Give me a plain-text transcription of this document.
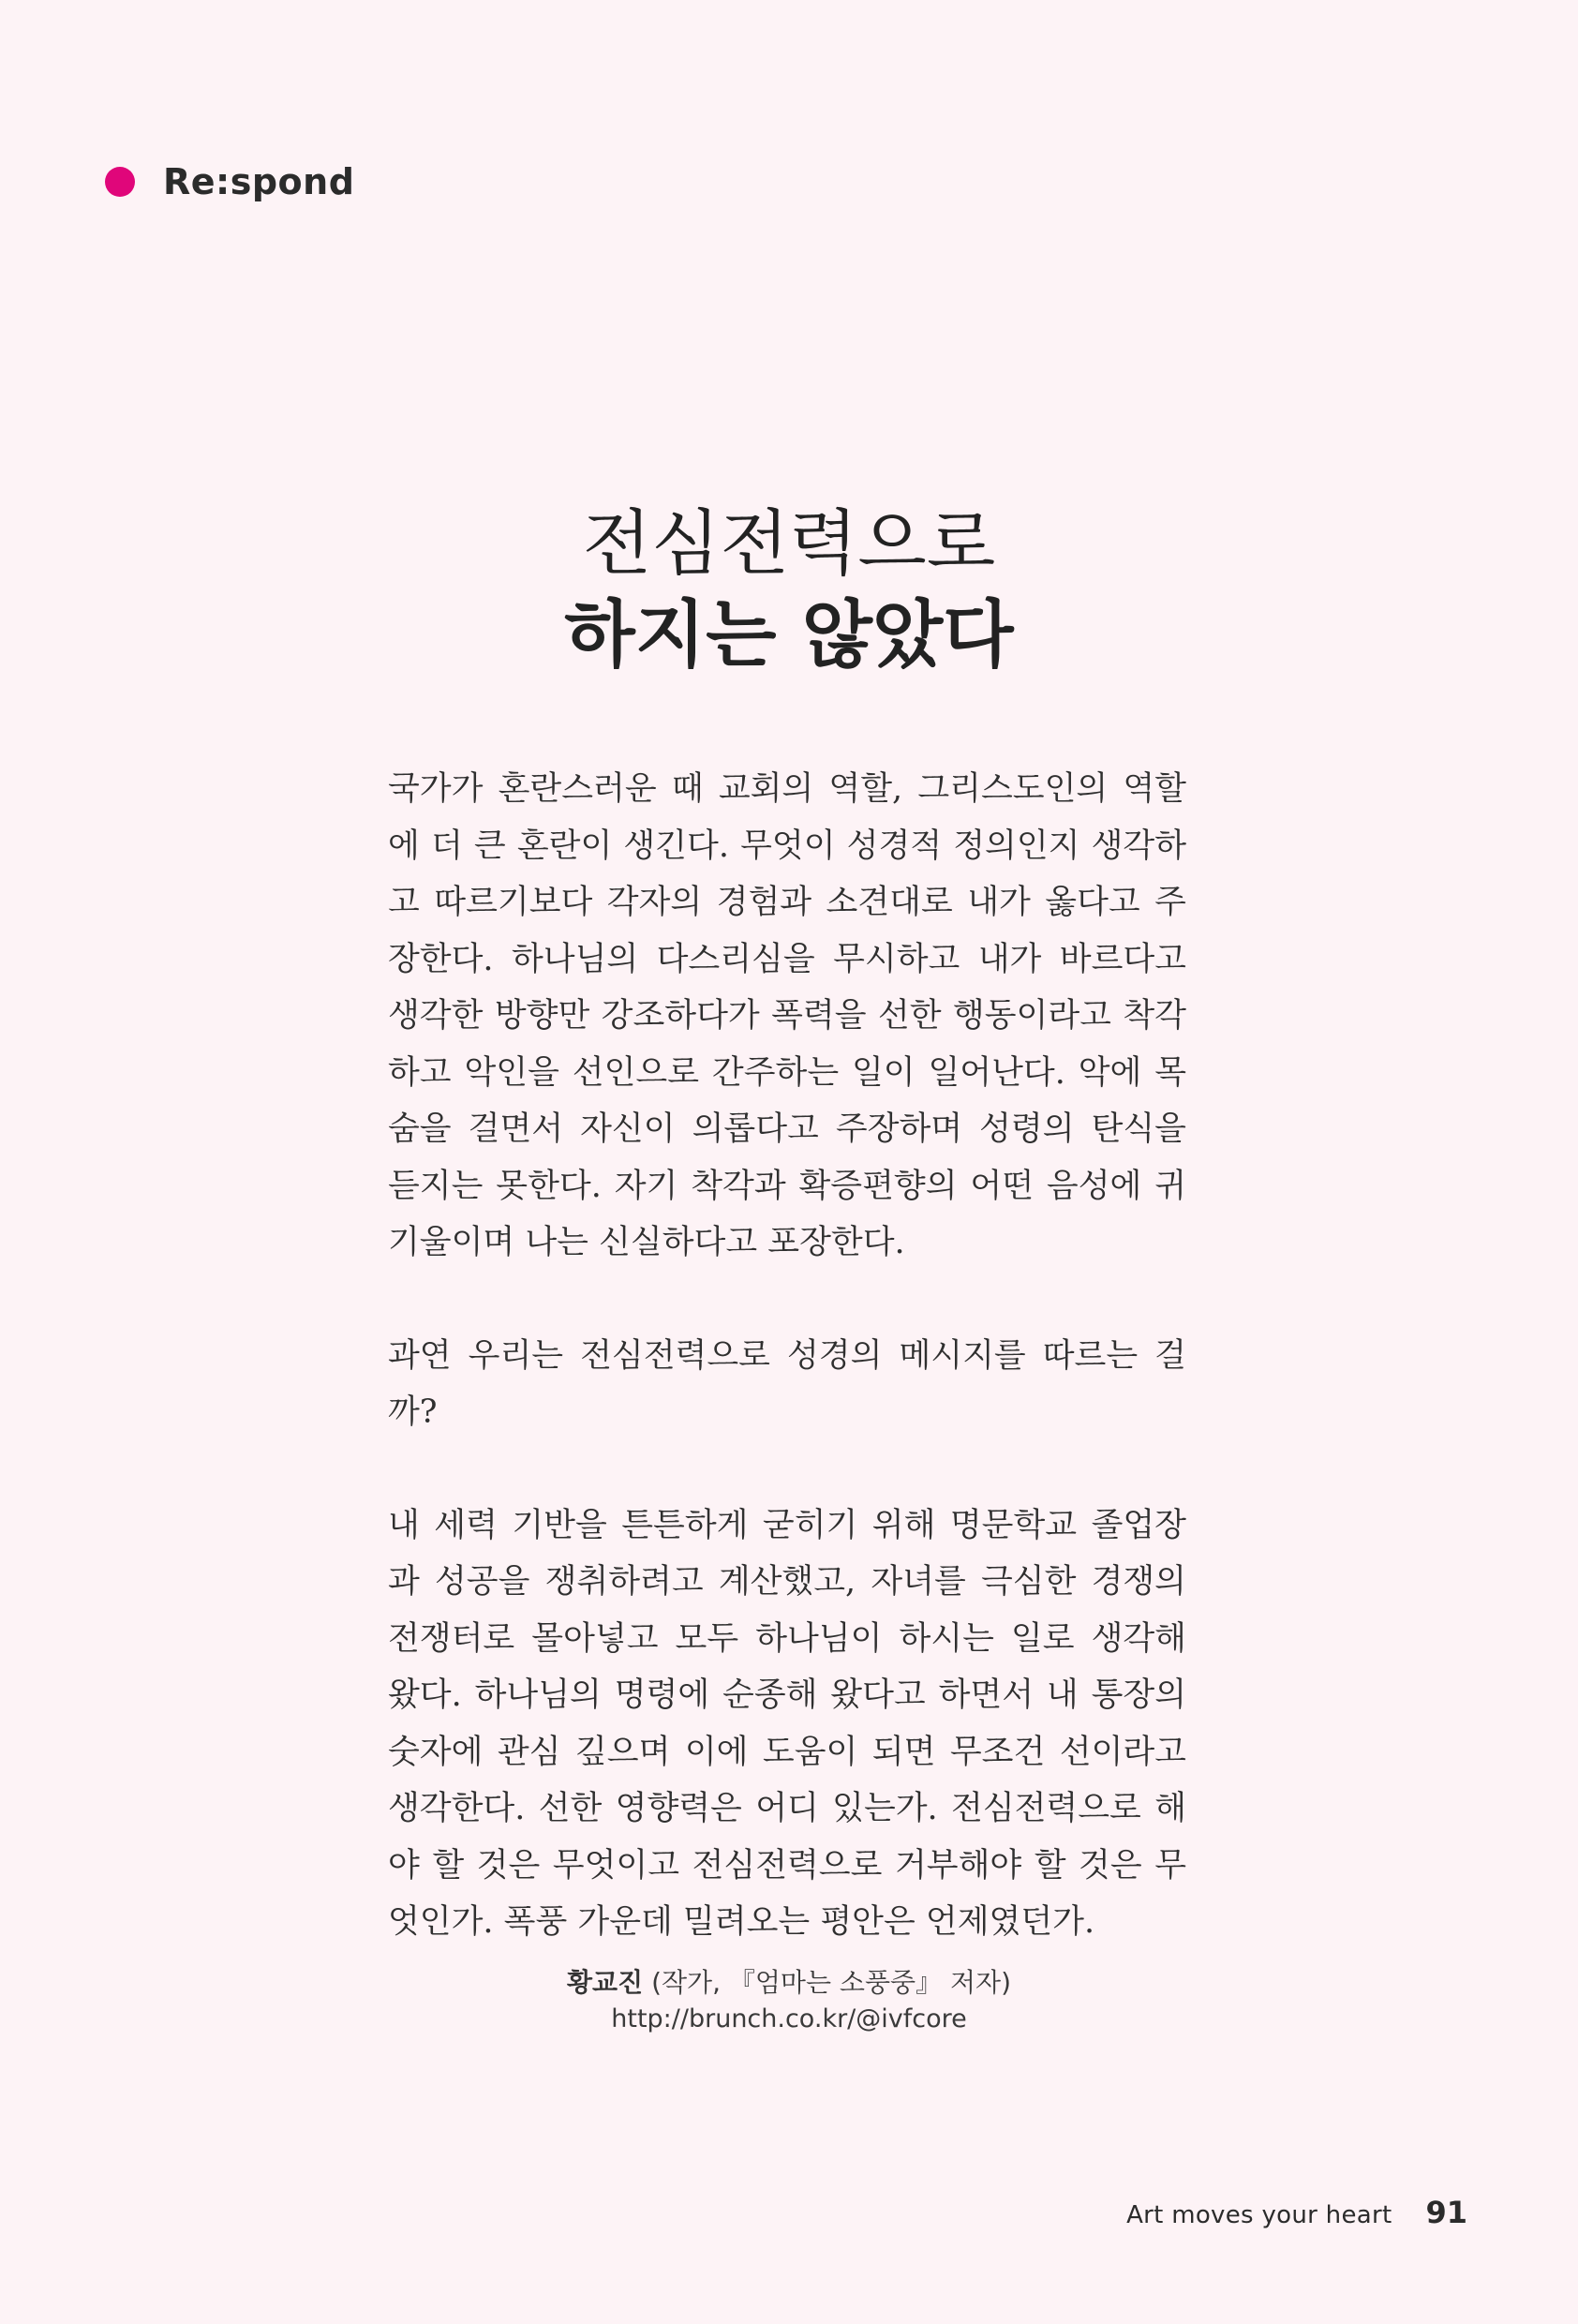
Re:spond
전심전력으로
하지는 않았다

국가가 혼란스러운 때 교회의 역할, 그리스도인의 역할에 더 큰 혼란이 생긴다. 무엇이 성경적 정의인지 생각하고 따르기보다 각자의 경험과 소견대로 내가 옳다고 주장한다. 하나님의 다스리심을 무시하고 내가 바르다고 생각한 방향만 강조하다가 폭력을 선한 행동이라고 착각하고 악인을 선인으로 간주하는 일이 일어난다. 악에 목숨을 걸면서 자신이 의롭다고 주장하며 성령의 탄식을 듣지는 못한다. 자기 착각과 확증편향의 어떤 음성에 귀 기울이며 나는 신실하다고 포장한다.

과연 우리는 전심전력으로 성경의 메시지를 따르는 걸까?

내 세력 기반을 튼튼하게 굳히기 위해 명문학교 졸업장과 성공을 쟁취하려고 계산했고, 자녀를 극심한 경쟁의 전쟁터로 몰아넣고 모두 하나님이 하시는 일로 생각해 왔다. 하나님의 명령에 순종해 왔다고 하면서 내 통장의 숫자에 관심 깊으며 이에 도움이 되면 무조건 선이라고 생각한다. 선한 영향력은 어디 있는가. 전심전력으로 해야 할 것은 무엇이고 전심전력으로 거부해야 할 것은 무엇인가. 폭풍 가운데 밀려오는 평안은 언제였던가.

황교진 (작가, 『엄마는 소풍중』 저자)
http://brunch.co.kr/@ivfcore
Art moves your heart 91
